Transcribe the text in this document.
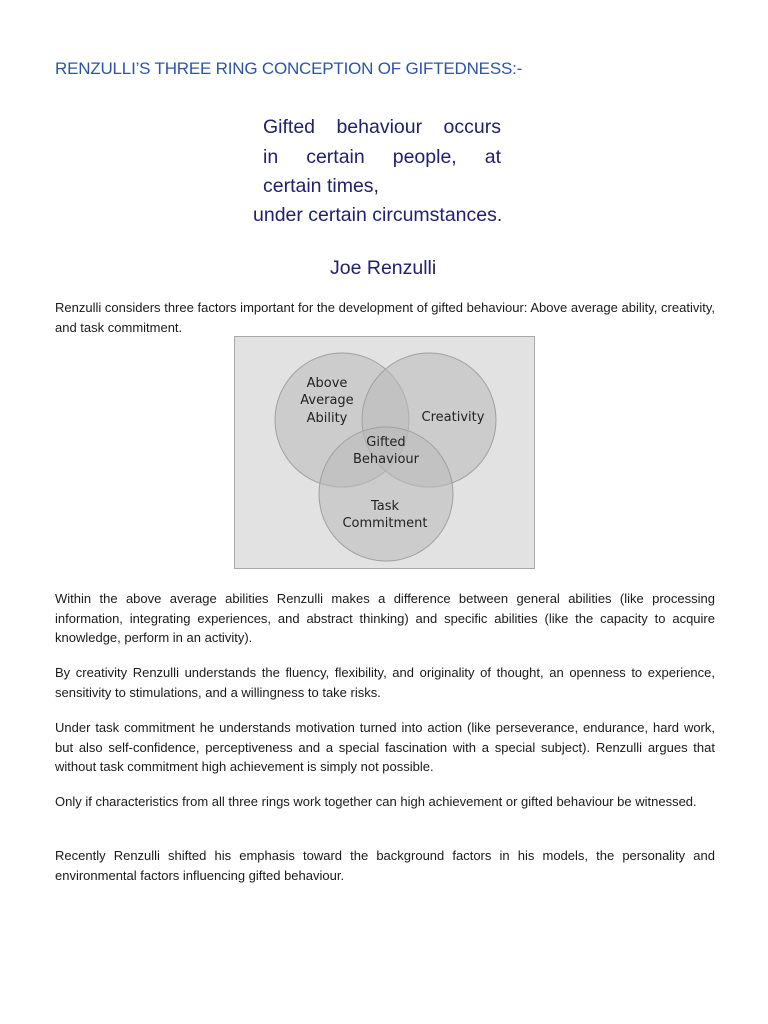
RENZULLI’S THREE RING CONCEPTION OF GIFTEDNESS:-
Gifted behaviour occurs
in certain people, at
certain times,
under certain circumstances.
Joe Renzulli

Renzulli considers three factors important for the development of gifted behaviour: Above average ability, creativity, and task commitment.

Above
Average
Ability	Creativity
Gifted
Behaviour
Task
Commitment

Within the above average abilities Renzulli makes a difference between general abilities (like processing information, integrating experiences, and abstract thinking) and specific abilities (like the capacity to acquire knowledge, perform in an activity).

By creativity Renzulli understands the fluency, flexibility, and originality of thought, an openness to experience, sensitivity to stimulations, and a willingness to take risks.

Under task commitment he understands motivation turned into action (like perseverance, endurance, hard work, but also self-confidence, perceptiveness and a special fascination with a special subject). Renzulli argues that without task commitment high achievement is simply not possible.

Only if characteristics from all three rings work together can high achievement or gifted behaviour be witnessed.

Recently Renzulli shifted his emphasis toward the background factors in his models, the personality and environmental factors influencing gifted behaviour.
